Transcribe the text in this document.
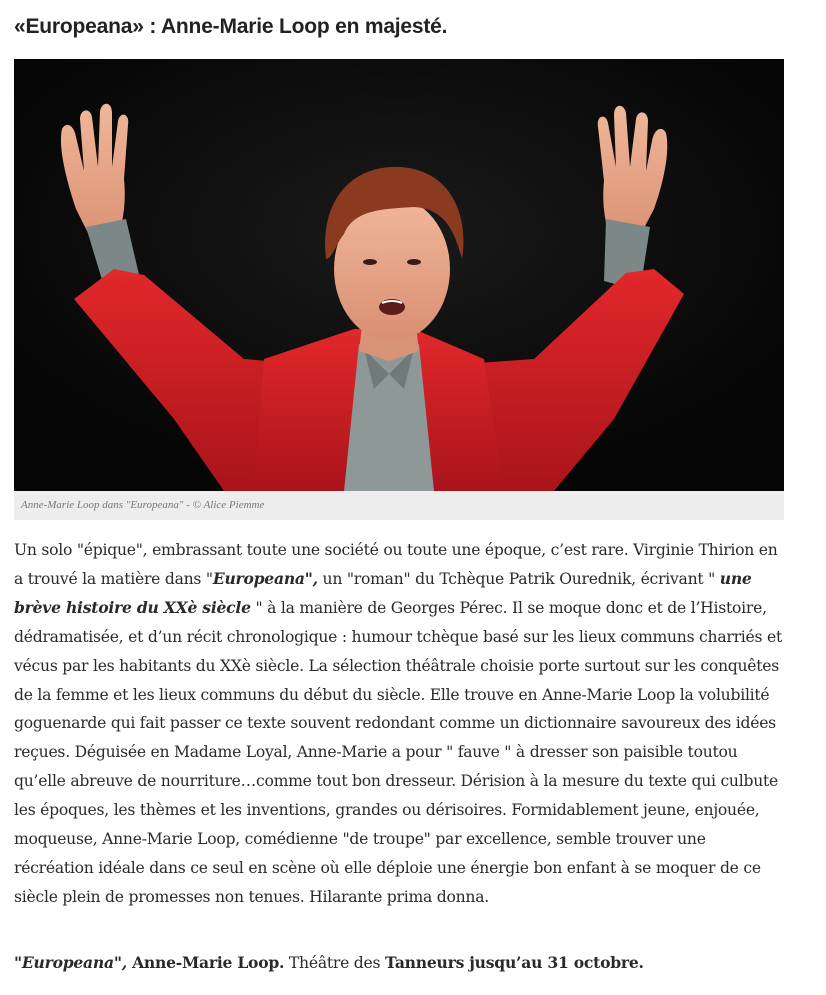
«Europeana» : Anne-Marie Loop en majesté.
Anne-Marie Loop dans "Europeana" - © Alice Piemme

Un solo "épique", embrassant toute une société ou toute une époque, c’est rare. Virginie Thirion en a trouvé la matière dans "Europeana", un "roman" du Tchèque Patrik Ourednik, écrivant " une brève histoire du XXè siècle " à la manière de Georges Pérec. Il se moque donc et de l’Histoire, dédramatisée, et d’un récit chronologique : humour tchèque basé sur les lieux communs charriés et vécus par les habitants du XXè siècle. La sélection théâtrale choisie porte surtout sur les conquêtes de la femme et les lieux communs du début du siècle. Elle trouve en Anne-Marie Loop la volubilité goguenarde qui fait passer ce texte souvent redondant comme un dictionnaire savoureux des idées reçues. Déguisée en Madame Loyal, Anne-Marie a pour " fauve " à dresser son paisible toutou qu’elle abreuve de nourriture…comme tout bon dresseur. Dérision à la mesure du texte qui culbute les époques, les thèmes et les inventions, grandes ou dérisoires. Formidablement jeune, enjouée, moqueuse, Anne-Marie Loop, comédienne "de troupe" par excellence, semble trouver une récréation idéale dans ce seul en scène où elle déploie une énergie bon enfant à se moquer de ce siècle plein de promesses non tenues. Hilarante prima donna.

"Europeana", Anne-Marie Loop. Théâtre des Tanneurs jusqu’au 31 octobre.
